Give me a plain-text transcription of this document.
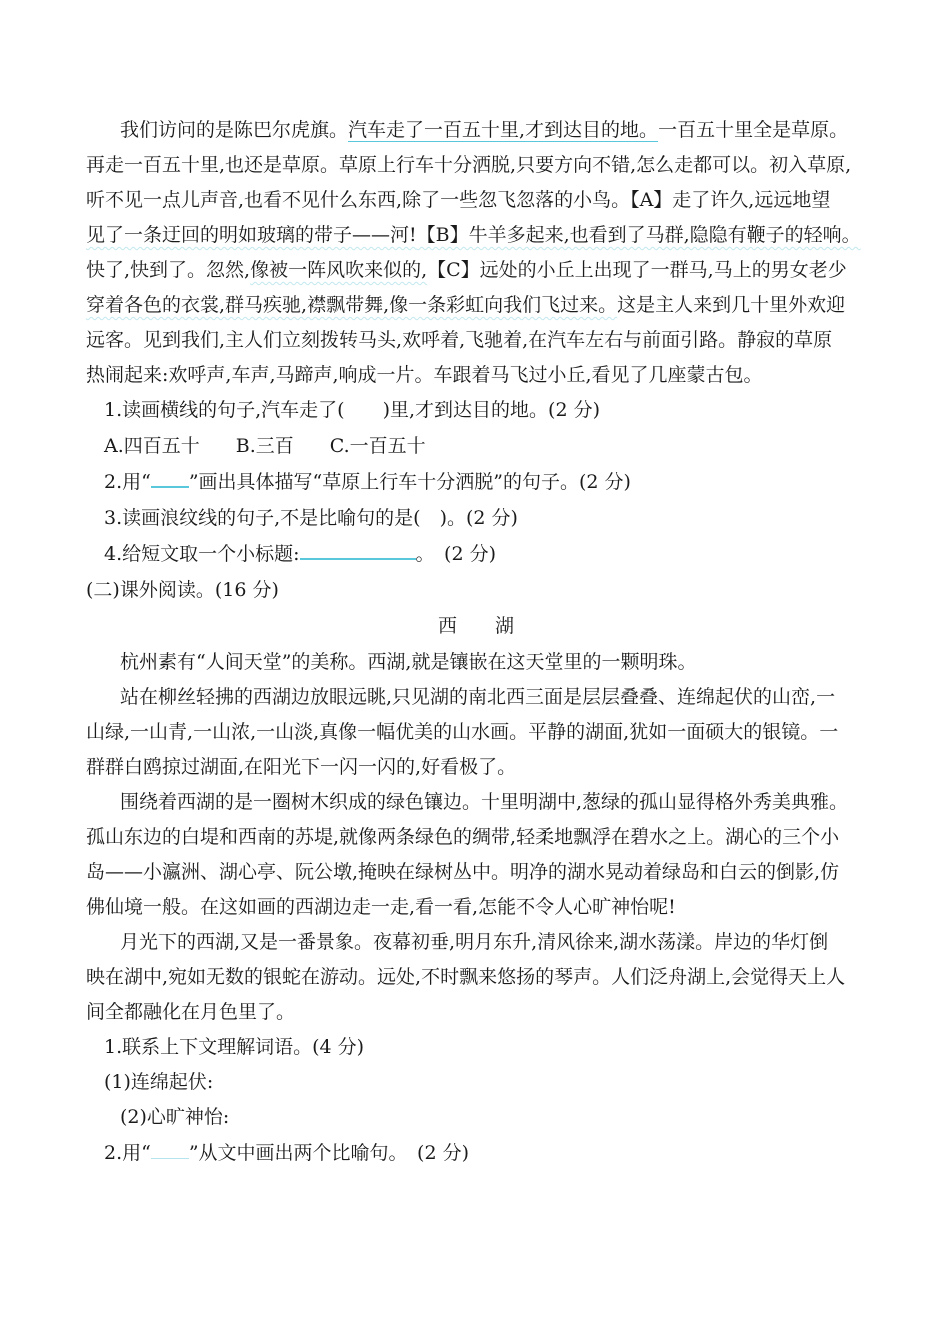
我们访问的是陈巴尔虎旗。汽车走了一百五十里,才到达目的地。一百五十里全是草原。
再走一百五十里,也还是草原。草原上行车十分洒脱,只要方向不错,怎么走都可以。初入草原,
听不见一点儿声音,也看不见什么东西,除了一些忽飞忽落的小鸟。【A】走了许久,远远地望
见了一条迂回的明如玻璃的带子——河!【B】牛羊多起来,也看到了马群,隐隐有鞭子的轻响。
快了,快到了。忽然,像被一阵风吹来似的,【C】远处的小丘上出现了一群马,马上的男女老少
穿着各色的衣裳,群马疾驰,襟飘带舞,像一条彩虹向我们飞过来。这是主人来到几十里外欢迎
远客。见到我们,主人们立刻拨转马头,欢呼着,飞驰着,在汽车左右与前面引路。静寂的草原
热闹起来:欢呼声,车声,马蹄声,响成一片。车跟着马飞过小丘,看见了几座蒙古包。
1.读画横线的句子,汽车走了(　　)里,才到达目的地。(2 分)
A.四百五十 B.三百 C.一百五十
2.用“ ”画出具体描写“草原上行车十分洒脱”的句子。(2 分)
3.读画浪纹线的句子,不是比喻句的是(　)。(2 分)
4.给短文取一个小标题:	。　(2 分)
(二)课外阅读。(16 分)
西湖
杭州素有“人间天堂”的美称。西湖,就是镶嵌在这天堂里的一颗明珠。
站在柳丝轻拂的西湖边放眼远眺,只见湖的南北西三面是层层叠叠、连绵起伏的山峦,一
山绿,一山青,一山浓,一山淡,真像一幅优美的山水画。平静的湖面,犹如一面硕大的银镜。一
群群白鸥掠过湖面,在阳光下一闪一闪的,好看极了。
围绕着西湖的是一圈树木织成的绿色镶边。十里明湖中,葱绿的孤山显得格外秀美典雅。
孤山东边的白堤和西南的苏堤,就像两条绿色的绸带,轻柔地飘浮在碧水之上。湖心的三个小
岛——小瀛洲、湖心亭、阮公墩,掩映在绿树丛中。明净的湖水晃动着绿岛和白云的倒影,仿
佛仙境一般。在这如画的西湖边走一走,看一看,怎能不令人心旷神怡呢!
月光下的西湖,又是一番景象。夜幕初垂,明月东升,清风徐来,湖水荡漾。岸边的华灯倒
映在湖中,宛如无数的银蛇在游动。远处,不时飘来悠扬的琴声。人们泛舟湖上,会觉得天上人
间全都融化在月色里了。
1.联系上下文理解词语。(4 分)
(1)连绵起伏:
(2)心旷神怡:
2.用“ ”从文中画出两个比喻句。　(2 分)
